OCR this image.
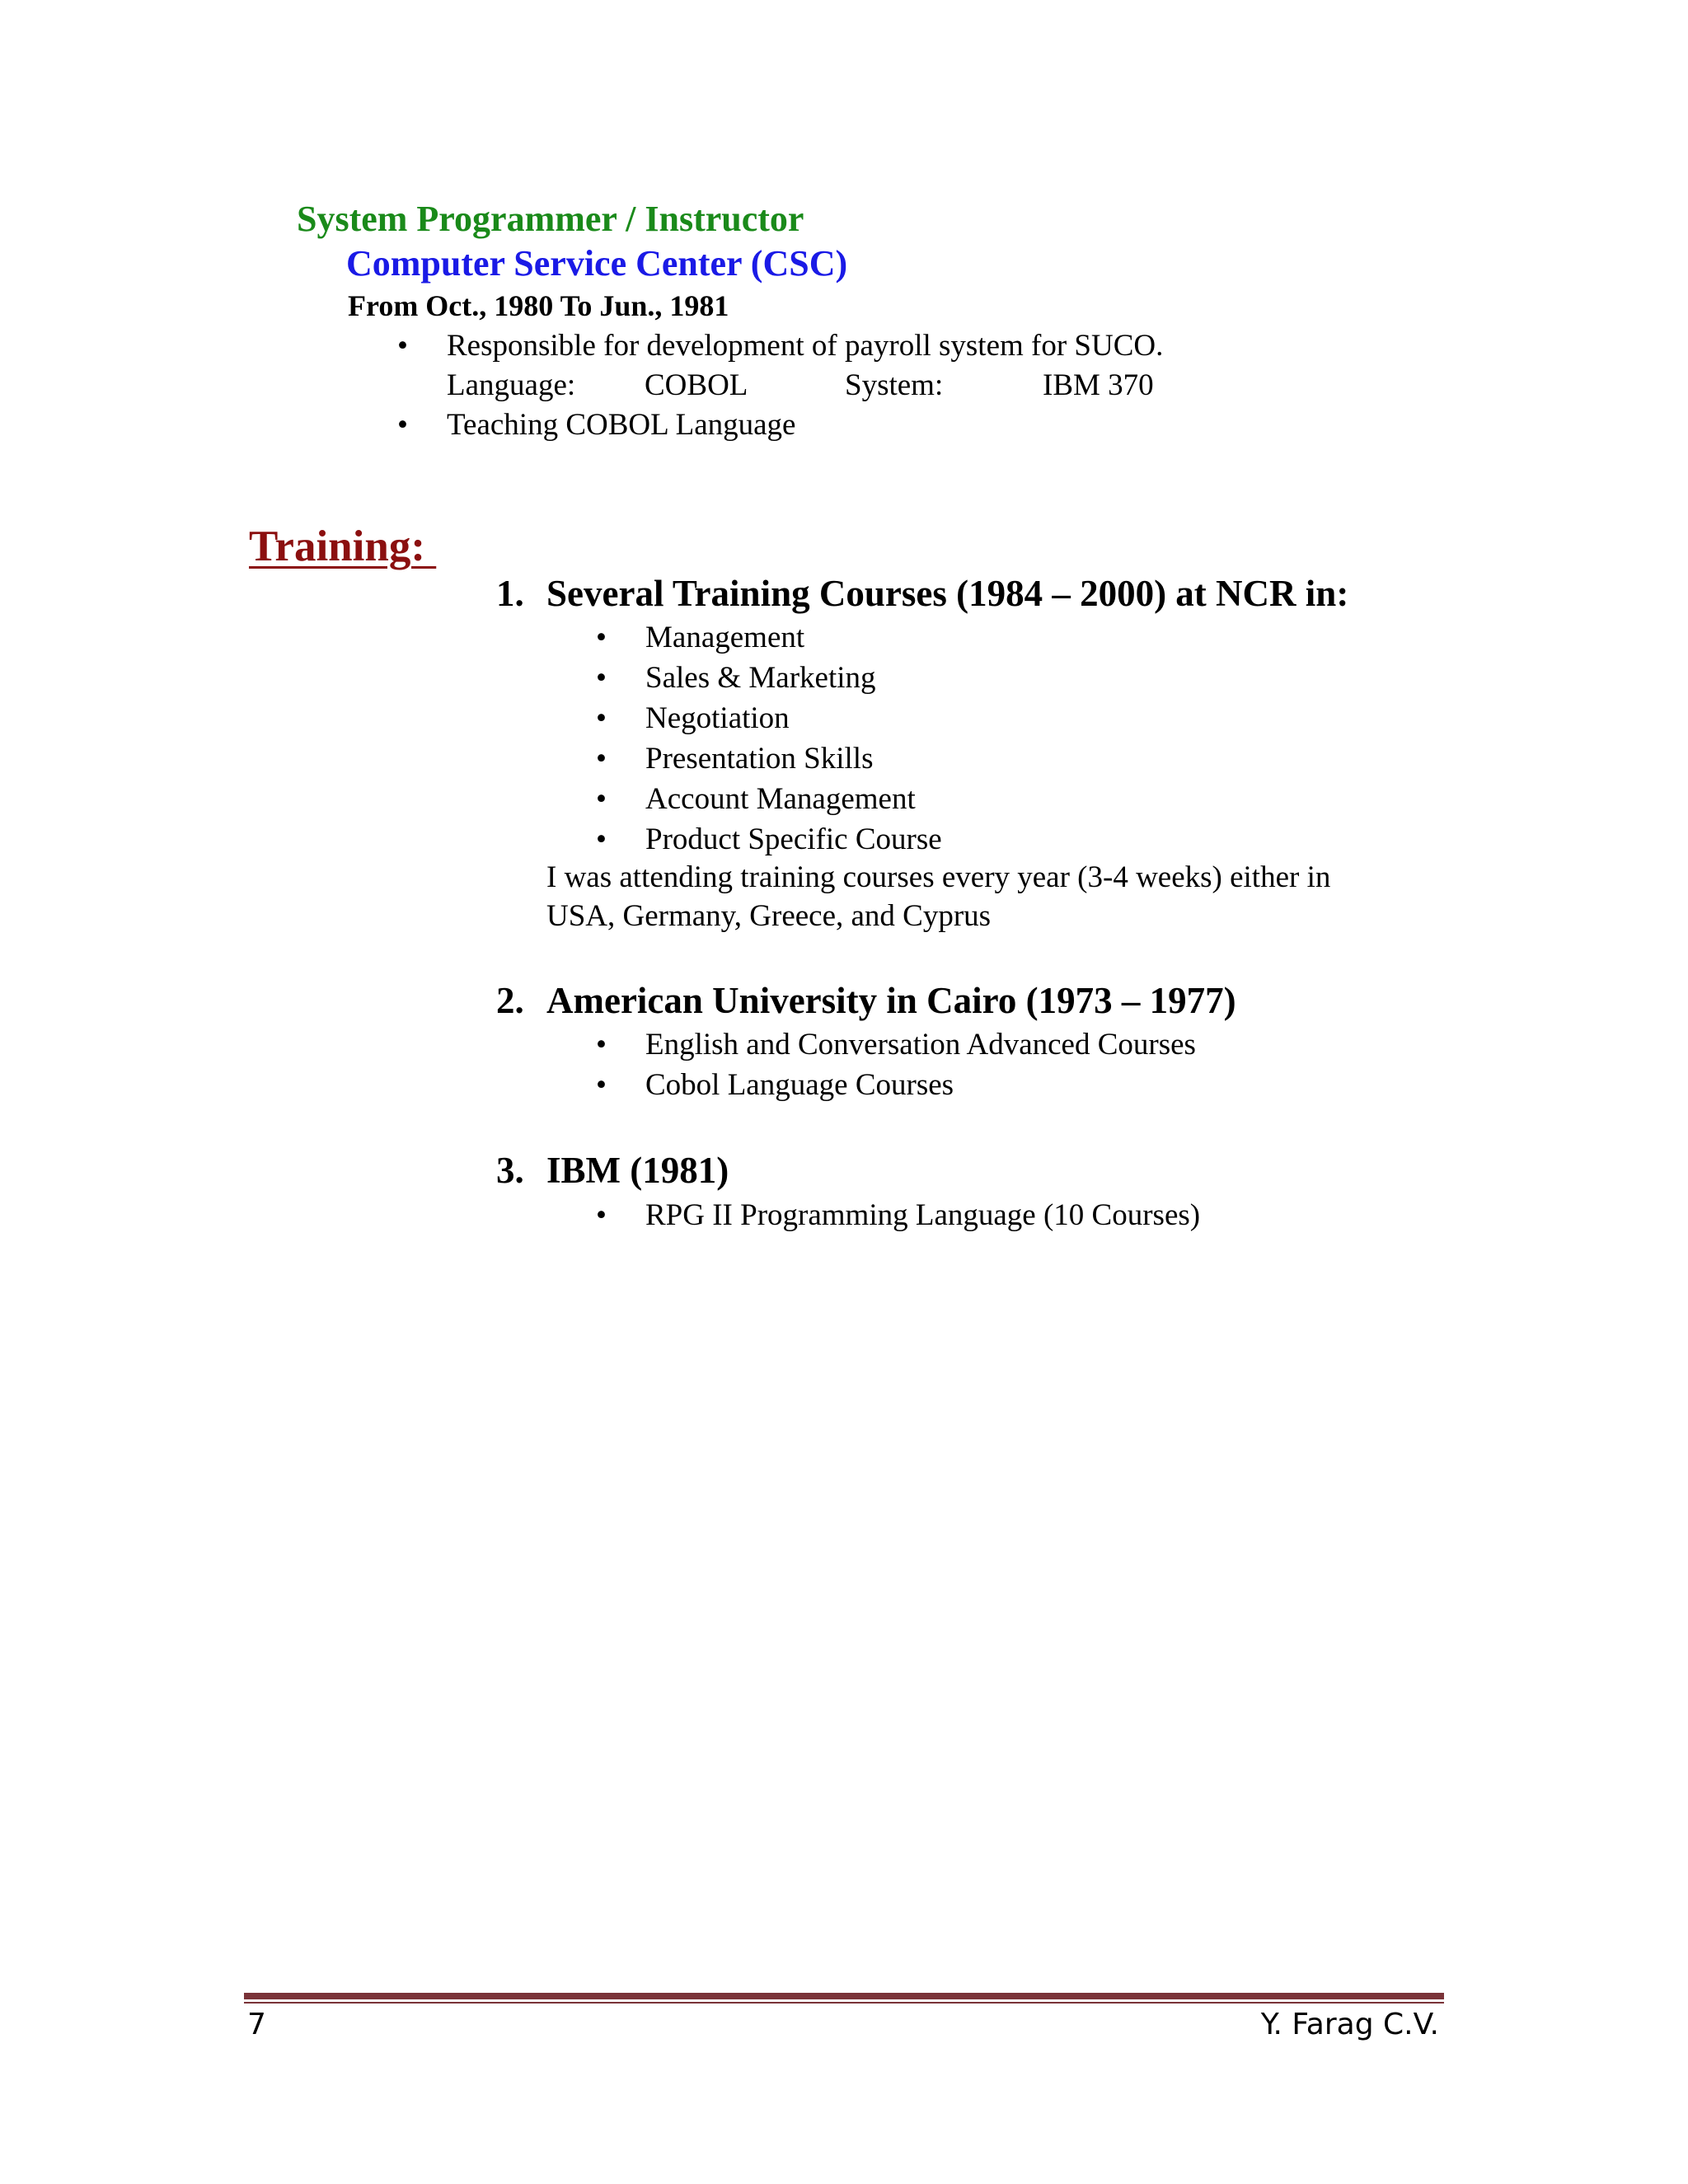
System Programmer / Instructor
Computer Service Center (CSC)
From Oct., 1980 To Jun., 1981
• Responsible for development of payroll system for SUCO.
Language: COBOL	System:	IBM 370
• Teaching COBOL Language
Training:
1. Several Training Courses (1984 – 2000) at NCR in:
• Management
• Sales & Marketing
• Negotiation
• Presentation Skills
• Account Management
• Product Specific Course
I was attending training courses every year (3-4 weeks) either in
USA, Germany, Greece, and Cyprus
2. American University in Cairo (1973 – 1977)
• English and Conversation Advanced Courses
• Cobol Language Courses
3. IBM (1981)
• RPG II Programming Language (10 Courses)
7	Y. Farag C.V.
